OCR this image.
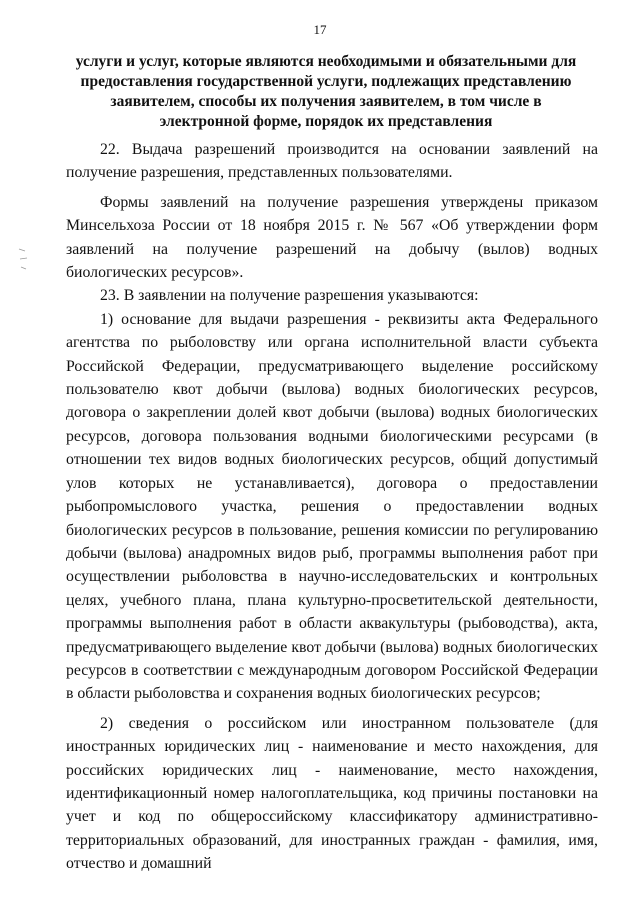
17
услуги и услуг, которые являются необходимыми и обязательными для предоставления государственной услуги, подлежащих представлению заявителем, способы их получения заявителем, в том числе в электронной форме, порядок их представления

22. Выдача разрешений производится на основании заявлений на получение разрешения, представленных пользователями.

Формы заявлений на получение разрешения утверждены приказом Минсельхоза России от 18 ноября 2015 г. № 567 «Об утверждении форм заявлений на получение разрешений на добычу (вылов) водных биологических ресурсов».

23. В заявлении на получение разрешения указываются:

1) основание для выдачи разрешения - реквизиты акта Федерального агентства по рыболовству или органа исполнительной власти субъекта Российской Федерации, предусматривающего выделение российскому пользователю квот добычи (вылова) водных биологических ресурсов, договора о закреплении долей квот добычи (вылова) водных биологических ресурсов, договора пользования водными биологическими ресурсами (в отношении тех видов водных биологических ресурсов, общий допустимый улов которых не устанавливается), договора о предоставлении рыбопромыслового участка, решения о предоставлении водных биологических ресурсов в пользование, решения комиссии по регулированию добычи (вылова) анадромных видов рыб, программы выполнения работ при осуществлении рыболовства в научно-исследовательских и контрольных целях, учебного плана, плана культурно-просветительской деятельности, программы выполнения работ в области аквакультуры (рыбоводства), акта, предусматривающего выделение квот добычи (вылова) водных биологических ресурсов в соответствии с международным договором Российской Федерации в области рыболовства и сохранения водных биологических ресурсов;

2) сведения о российском или иностранном пользователе (для иностранных юридических лиц - наименование и место нахождения, для российских юридических лиц - наименование, место нахождения, идентификационный номер налогоплательщика, код причины постановки на учет и код по общероссийскому классификатору административно-территориальных образований, для иностранных граждан - фамилия, имя, отчество и домашний
